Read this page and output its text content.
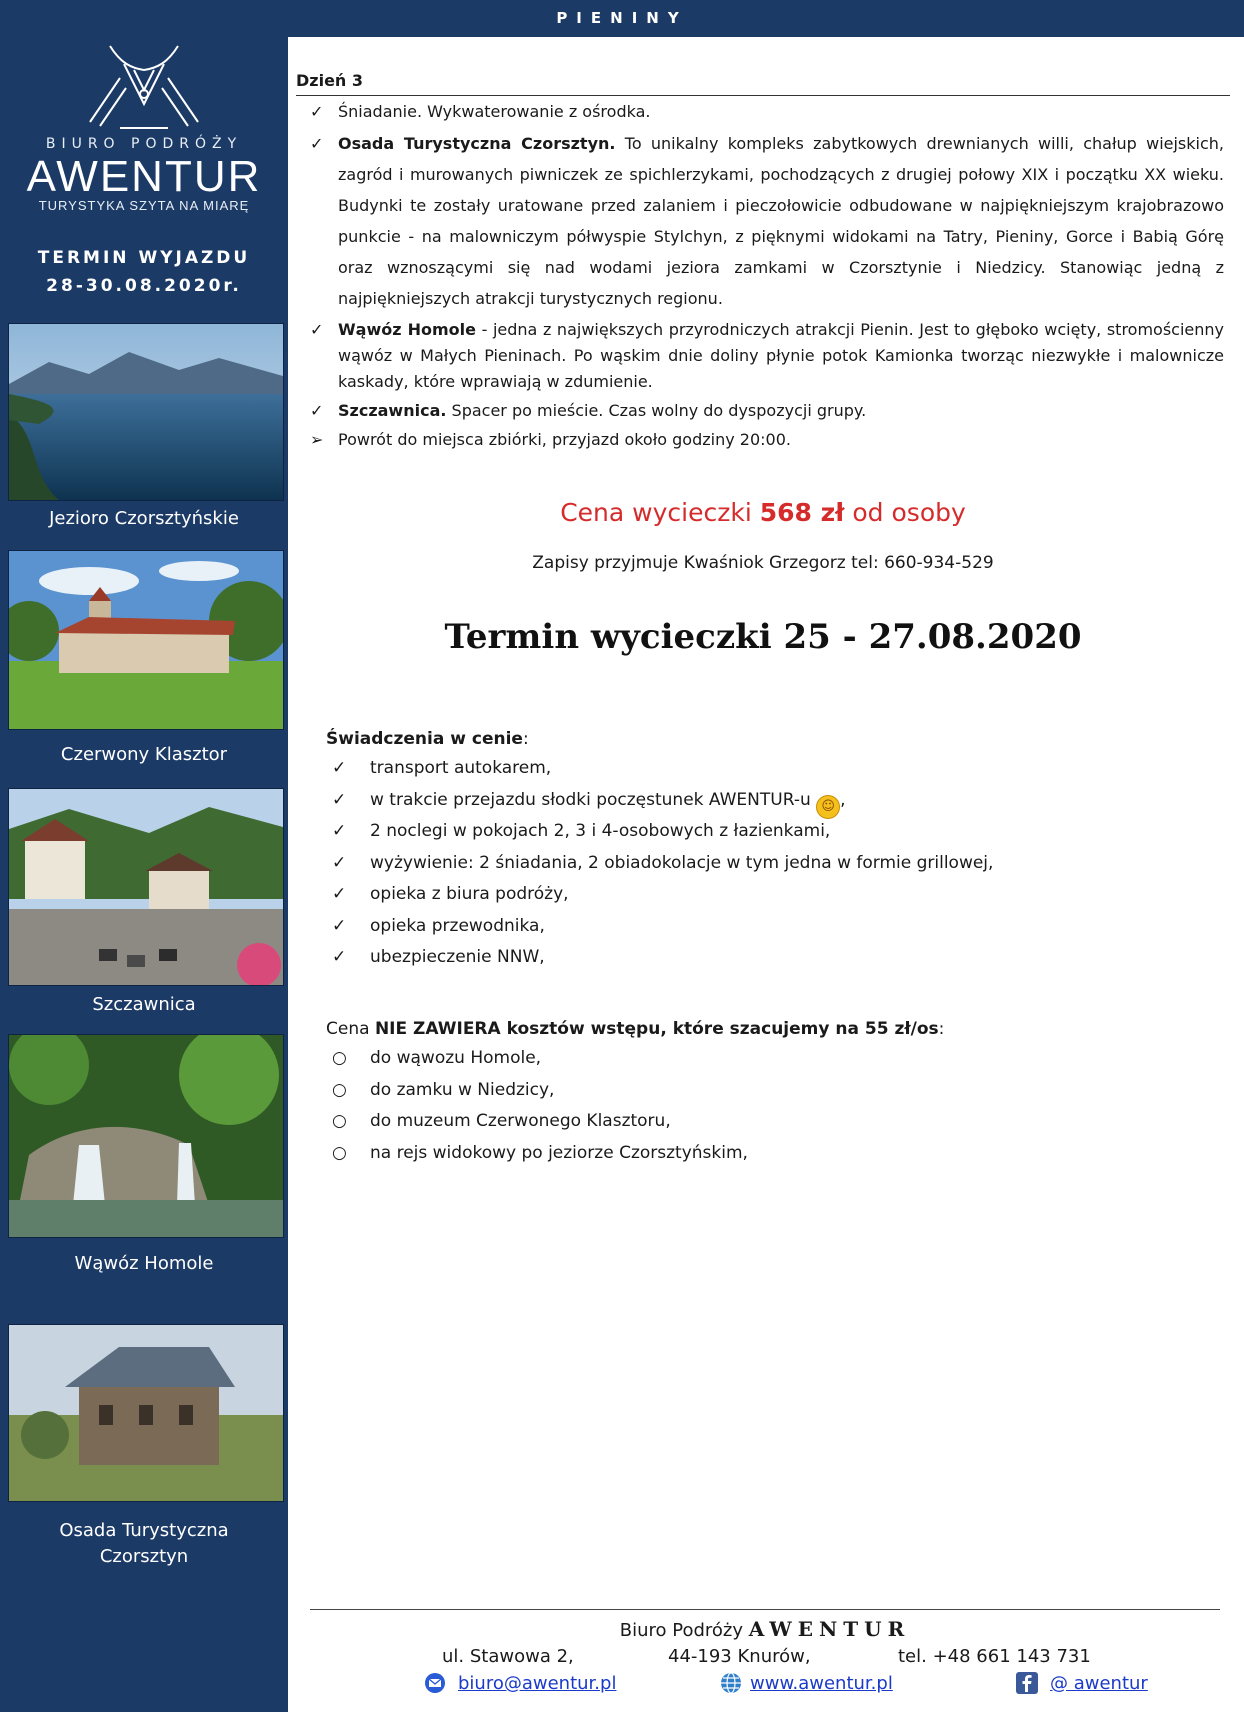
BIURO PODRÓŻY
AWENTUR
TURYSTYKA SZYTA NA MIARĘ
TERMIN WYJAZDU
28-30.08.2020r.
Jezioro Czorsztyńskie
Czerwony Klasztor
Szczawnica
Wąwóz Homole
Osada Turystyczna
Czorsztyn
PIENINY
Dzień 3
✓ Śniadanie. Wykwaterowanie z ośrodka.
✓ Osada Turystyczna Czorsztyn. To unikalny kompleks zabytkowych drewnianych willi, chałup wiejskich, zagród i murowanych piwniczek ze spichlerzykami, pochodzących z drugiej połowy XIX i początku XX wieku. Budynki te zostały uratowane przed zalaniem i pieczołowicie odbudowane w najpiękniejszym krajobrazowo punkcie - na malowniczym półwyspie Stylchyn, z pięknymi widokami na Tatry, Pieniny, Gorce i Babią Górę oraz wznoszącymi się nad wodami jeziora zamkami w Czorsztynie i Niedzicy. Stanowiąc jedną z najpiękniejszych atrakcji turystycznych regionu.
✓ Wąwóz Homole - jedna z największych przyrodniczych atrakcji Pienin. Jest to głęboko wcięty, stromościenny wąwóz w Małych Pieninach. Po wąskim dnie doliny płynie potok Kamionka tworząc niezwykłe i malownicze kaskady, które wprawiają w zdumienie.
✓ Szczawnica. Spacer po mieście. Czas wolny do dyspozycji grupy.
➢ Powrót do miejsca zbiórki, przyjazd około godziny 20:00.
Cena wycieczki 568 zł od osoby
Zapisy przyjmuje Kwaśniok Grzegorz tel: 660-934-529
Termin wycieczki 25 - 27.08.2020
Świadczenia w cenie:
✓ transport autokarem,
✓ w trakcie przejazdu słodki poczęstunek AWENTUR-u ☺ ,
✓ 2 noclegi w pokojach 2, 3 i 4-osobowych z łazienkami,
✓ wyżywienie: 2 śniadania, 2 obiadokolacje w tym jedna w formie grillowej,
✓ opieka z biura podróży,
✓ opieka przewodnika,
✓ ubezpieczenie NNW,
Cena NIE ZAWIERA kosztów wstępu, które szacujemy na 55 zł/os:
○ do wąwozu Homole,
○ do zamku w Niedzicy,
○ do muzeum Czerwonego Klasztoru,
○ na rejs widokowy po jeziorze Czorsztyńskim,
Biuro Podróży AWENTUR
ul. Stawowa 2,	44-193 Knurów,	tel. +48 661 143 731
biuro@awentur.pl	www.awentur.pl	@ awentur
